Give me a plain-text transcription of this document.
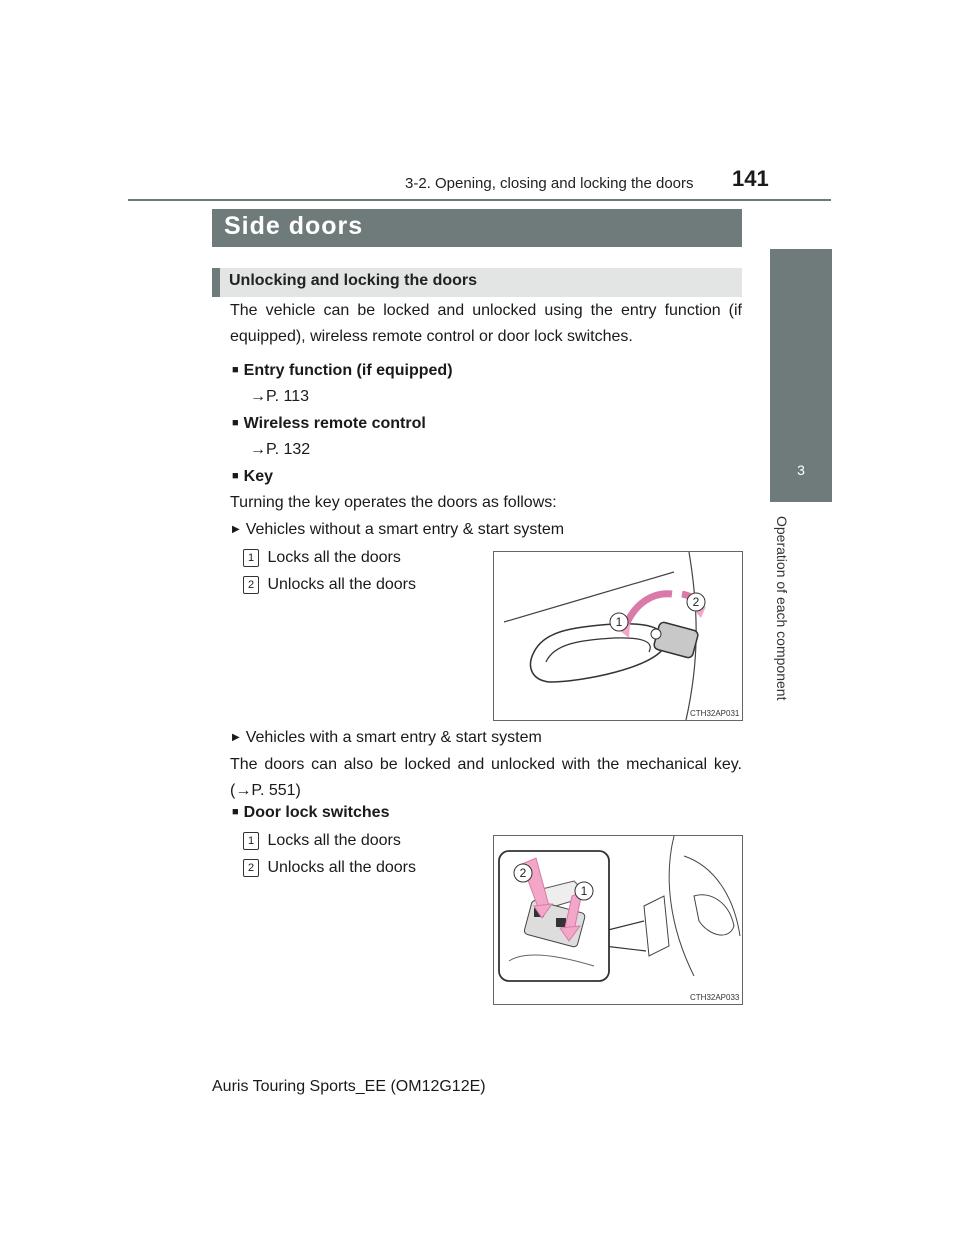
3-2. Opening, closing and locking the doors 141
3
Operation of each component
Side doors
Unlocking and locking the doors
The vehicle can be locked and unlocked using the entry function (if equipped), wireless remote control or door lock switches.
■ Entry function (if equipped)
→P. 113
■ Wireless remote control
→P. 132
■ Key
Turning the key operates the doors as follows:
▶ Vehicles without a smart entry & start system
1 Locks all the doors
2 Unlocks all the doors
1
2
CTH32AP031
▶ Vehicles with a smart entry & start system
The doors can also be locked and unlocked with the mechanical key. (→P. 551)
■ Door lock switches
1 Locks all the doors
2 Unlocks all the doors	2
1
CTH32AP033
Auris Touring Sports_EE (OM12G12E)
